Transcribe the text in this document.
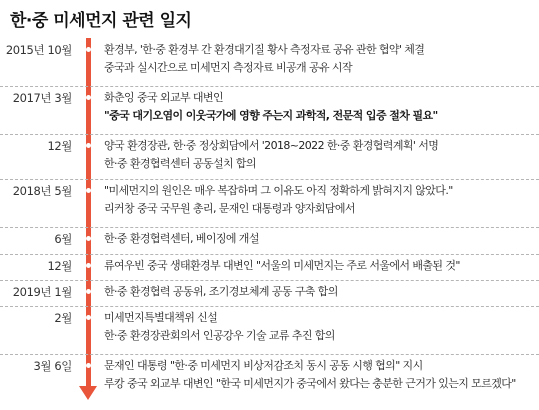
한·중 미세먼지 관련 일지
2015년 10월	환경부, '한·중 환경부 간 환경대기질 황사 측정자료 공유 관한 협약' 체결
중국과 실시간으로 미세먼지 측정자료 비공개 공유 시작
2017년 3월	화춘잉 중국 외교부 대변인
"중국 대기오염이 이웃국가에 영향 주는지 과학적, 전문적 입증 절차 필요"
12월	양국 환경장관, 한·중 정상회담에서 '2018~2022 한·중 환경협력계획' 서명
한·중 환경협력센터 공동설치 합의
2018년 5월	"미세먼지의 원인은 매우 복잡하며 그 이유도 아직 정확하게 밝혀지지 않았다."
리커창 중국 국무원 총리, 문재인 대통령과 양자회담에서
6월	한·중 환경협력센터, 베이징에 개설
12월	류여우빈 중국 생태환경부 대변인 "서울의 미세먼지는 주로 서울에서 배출된 것"
2019년 1월	한·중 환경협력 공동위, 조기경보체계 공동 구축 합의
2월	미세먼지특별대책위 신설
한·중 환경장관회의서 인공강우 기술 교류 추진 합의
3월 6일	문재인 대통령 "한·중 미세먼지 비상저감조치 동시 공동 시행 협의" 지시
루캉 중국 외교부 대변인 "한국 미세먼지가 중국에서 왔다는 충분한 근거가 있는지 모르겠다"
